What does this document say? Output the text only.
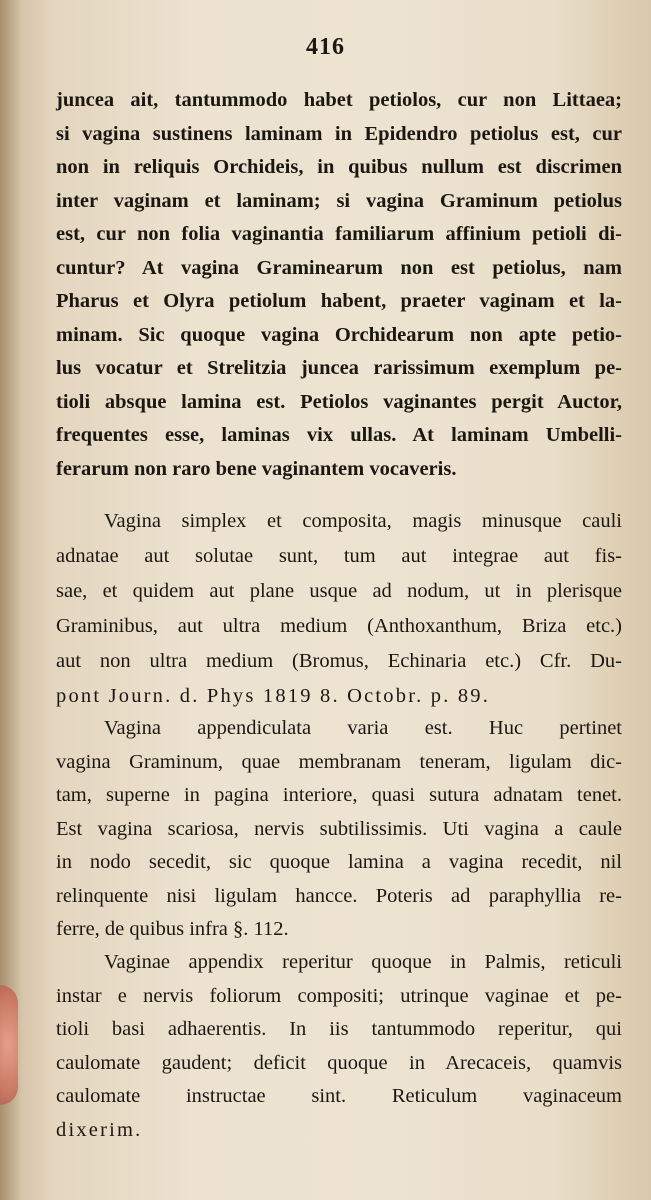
416
juncea ait, tantummodo habet petiolos, cur non Littaea;
si vagina sustinens laminam in Epidendro petiolus est, cur
non in reliquis Orchideis, in quibus nullum est discrimen
inter vaginam et laminam; si vagina Graminum petiolus
est, cur non folia vaginantia familiarum affinium petioli di-
cuntur? At vagina Graminearum non est petiolus, nam
Pharus et Olyra petiolum habent, praeter vaginam et la-
minam. Sic quoque vagina Orchidearum non apte petio-
lus vocatur et Strelitzia juncea rarissimum exemplum pe-
tioli absque lamina est. Petiolos vaginantes pergit Auctor,
frequentes esse, laminas vix ullas. At laminam Umbelli-
ferarum non raro bene vaginantem vocaveris.
Vagina simplex et composita, magis minusque cauli
adnatae aut solutae sunt, tum aut integrae aut fis-
sae, et quidem aut plane usque ad nodum, ut in plerisque
Graminibus, aut ultra medium (Anthoxanthum, Briza etc.)
aut non ultra medium (Bromus, Echinaria etc.) Cfr. Du-
pont Journ. d. Phys 1819 8. Octobr. p. 89.
Vagina appendiculata varia est. Huc pertinet
vagina Graminum, quae membranam teneram, ligulam dic-
tam, superne in pagina interiore, quasi sutura adnatam tenet.
Est vagina scariosa, nervis subtilissimis. Uti vagina a caule
in nodo secedit, sic quoque lamina a vagina recedit, nil
relinquente nisi ligulam hancce. Poteris ad paraphyllia re-
ferre, de quibus infra §. 112.
Vaginae appendix reperitur quoque in Palmis, reticuli
instar e nervis foliorum compositi; utrinque vaginae et pe-
tioli basi adhaerentis. In iis tantummodo reperitur, qui
caulomate gaudent; deficit quoque in Arecaceis, quamvis
caulomate instructae sint. Reticulum vaginaceum
dixerim.
